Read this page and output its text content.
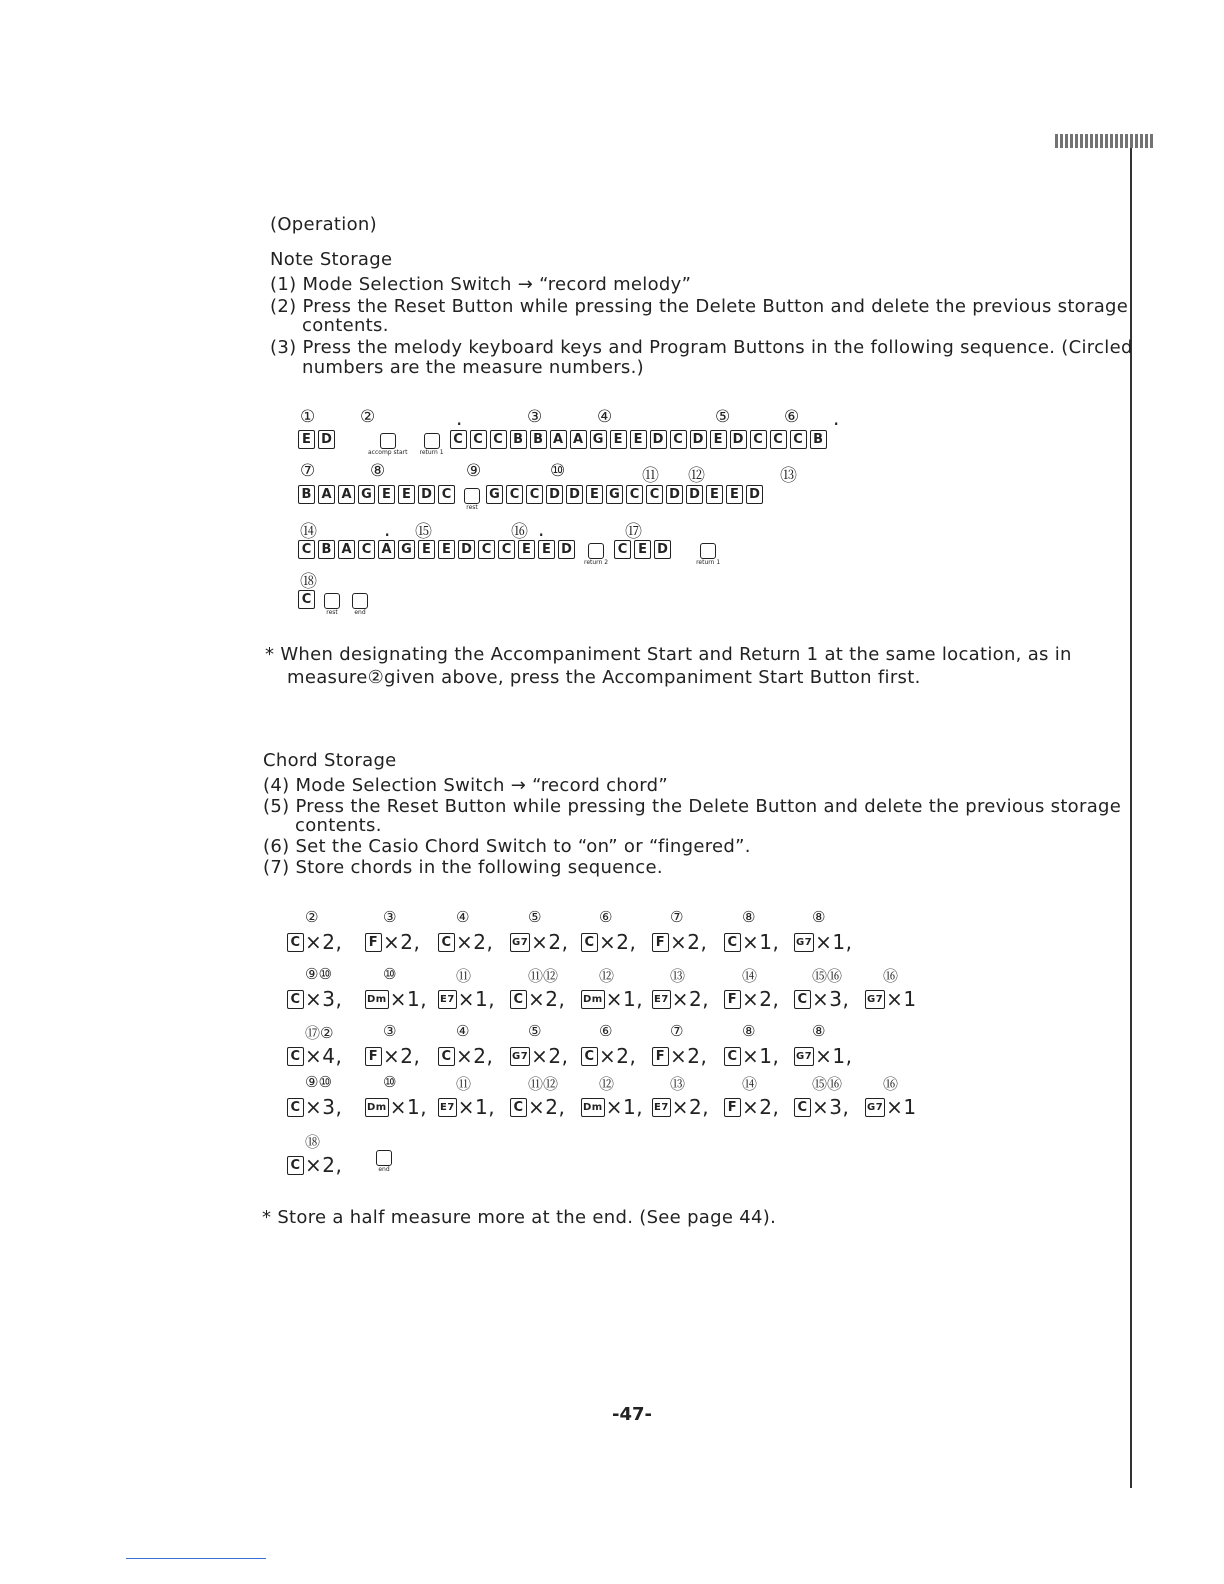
(Operation)
Note Storage
(1) Mode Selection Switch → “record melody”
(2) Press the Reset Button while pressing the Delete Button and delete the previous storage
contents.
(3) Press the melody keyboard keys and Program Buttons in the following sequence. (Circled
numbers are the measure numbers.)
①	②	③	④	⑤	⑥
·	·
E D
accomp start return 1
C C C B B A A G E E D C D E D C C C B
⑦	⑧	⑨	⑩	⑪ ⑫	⑬
B A A G E E D C
rest
G C C D D E G C C D D E E D
⑭	⑮	⑯	⑰
·	·
C B A C A G E E D C C E E D
return 2
C E D
return 1
⑱
C
rest	end
* When designating the Accompaniment Start and Return 1 at the same location, as in
measure②given above, press the Accompaniment Start Button first.
Chord Storage
(4) Mode Selection Switch → “record chord”
(5) Press the Reset Button while pressing the Delete Button and delete the previous storage
contents.
(6) Set the Casio Chord Switch to “on” or “fingered”.
(7) Store chords in the following sequence.
②
C ×2,
③
F ×2,
④
C ×2,
⑤
G7 ×2,
⑥
C ×2,
⑦
F ×2,
⑧
C ×1,
⑧
G7 ×1,
⑨⑩
C ×3,
⑩
Dm ×1,
⑪
E7 ×1,
⑪⑫
C ×2,
⑫
Dm ×1,
⑬
E7 ×2,
⑭
F ×2,
⑮⑯
C ×3,
⑯
G7 ×1
⑰②
C ×4,
③
F ×2,
④
C ×2,
⑤
G7 ×2,
⑥
C ×2,
⑦
F ×2,
⑧
C ×1,
⑧
G7 ×1,
⑨⑩
C ×3,
⑩
Dm ×1,
⑪
E7 ×1,
⑪⑫
C ×2,
⑫
Dm ×1,
⑬
E7 ×2,
⑭
F ×2,
⑮⑯
C ×3,
⑯
G7 ×1
⑱
C ×2,	end
* Store a half measure more at the end. (See page 44).
-47-
